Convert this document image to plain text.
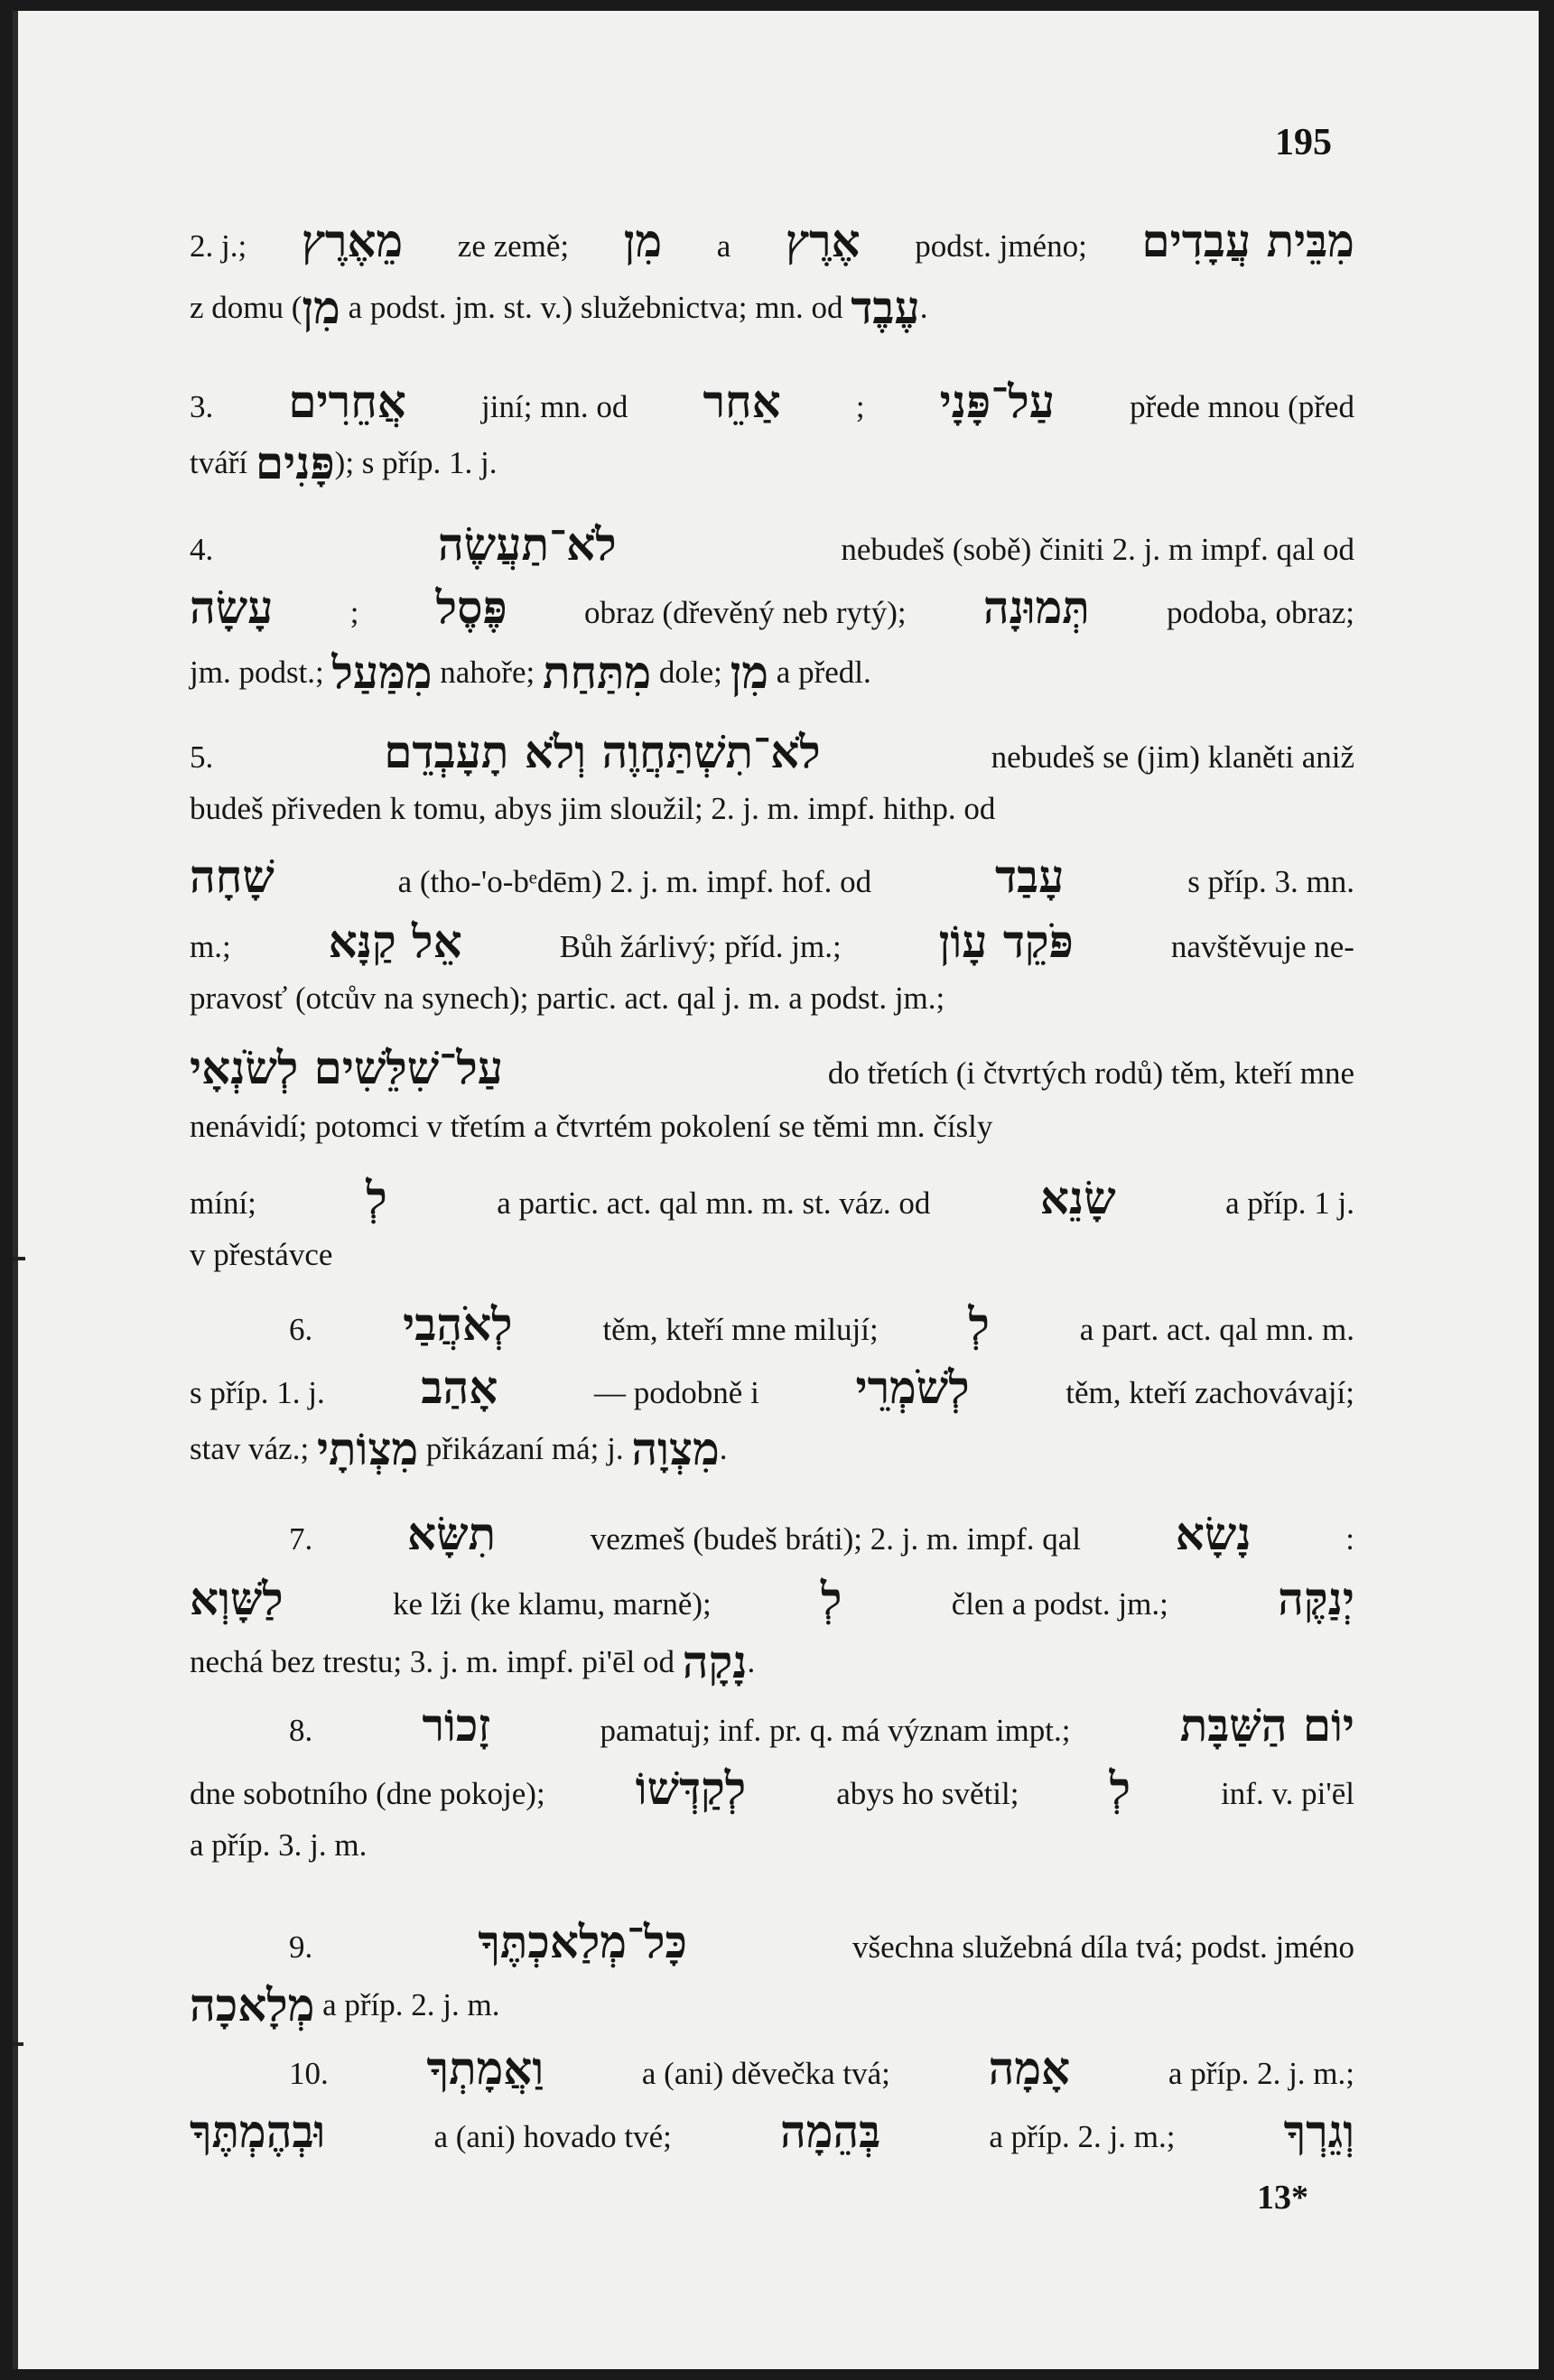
195
2. j.; מֵאֶרֶץ ze země; מִן a אֶרֶץ podst. jméno; מִבֵּית עֲבָדִים
z domu (מִן a podst. jm. st. v.) služebnictva; mn. od עֶבֶד.
3. אֲחֵרִים jiní; mn. od אַחֵר ; עַל־פָּנָי přede mnou (před
tváří פָּנִים); s příp. 1. j.
4.	לֹא־תַעֲשֶׂה	nebudeš (sobě) činiti 2. j. m impf. qal od
עָשָׂה ; פֶּסֶל obraz (dřevěný neb rytý); תְּמוּנָה podoba, obraz;
jm. podst.; מִמַּעַל nahoře; מִתַּחַת dole; מִן a předl.
5.	לֹא־תִשְׁתַּחֲוֶה וְלֹא תָעָבְדֵם	nebudeš se (jim) klaněti aniž
budeš přiveden k tomu, abys jim sloužil; 2. j. m. impf. hithp. od
שָׁחָה	a (tho-'o-bᵉdēm) 2. j. m. impf. hof. od	עָבַד	s příp. 3. mn.
m.; אֵל קַנָּא	Bůh žárlivý; příd. jm.; פֹּקֵד עָוֹן	navštěvuje ne-
pravosť (otcův na synech); partic. act. qal j. m. a podst. jm.;
עַל־שִׁלֵּשִׁים לְשֹׂנְאָי	do třetích (i čtvrtých rodů) těm, kteří mne
nenávidí; potomci v třetím a čtvrtém pokolení se těmi mn. čísly
míní; לְ	a partic. act. qal mn. m. st. váz. od שָׂנֵא	a příp. 1 j.
v přestávce
6. לְאֹהֲבַי	těm, kteří mne milují; לְ	a part. act. qal mn. m.
s příp. 1. j. אָהַב	— podobně i לְשֹׁמְרֵי	těm, kteří zachovávají;
stav váz.; מִצְוֹתָי přikázaní má; j. מִצְוָה.
7. תִשָּׂא	vezmeš (budeš bráti); 2. j. m. impf. qal נָשָׂא	:
לַשָּׁוְא	ke lži (ke klamu, marně); לְ	člen a podst. jm.; יְנַקֶּה
nechá bez trestu; 3. j. m. impf. pi'ēl od נָקָה.
8. זָכוֹר	pamatuj; inf. pr. q. má význam impt.; יוֹם הַשַּׁבָּת
dne sobotního (dne pokoje); לְקַדְּשׁוֹ	abys ho světil; לְ	inf. v. pi'ēl
a příp. 3. j. m.
9.	כָּל־מְלַאכְתֶּךָ	všechna služebná díla tvá; podst. jméno
מְלָאכָה a příp. 2. j. m.
10. וַאֲמָתְךָ	a (ani) děvečka tvá; אָמָה	a příp. 2. j. m.;
וּבְהֶמְתֶּךָ	a (ani) hovado tvé; בְּהֵמָה	a příp. 2. j. m.; וְגֵרְךָ
13*
